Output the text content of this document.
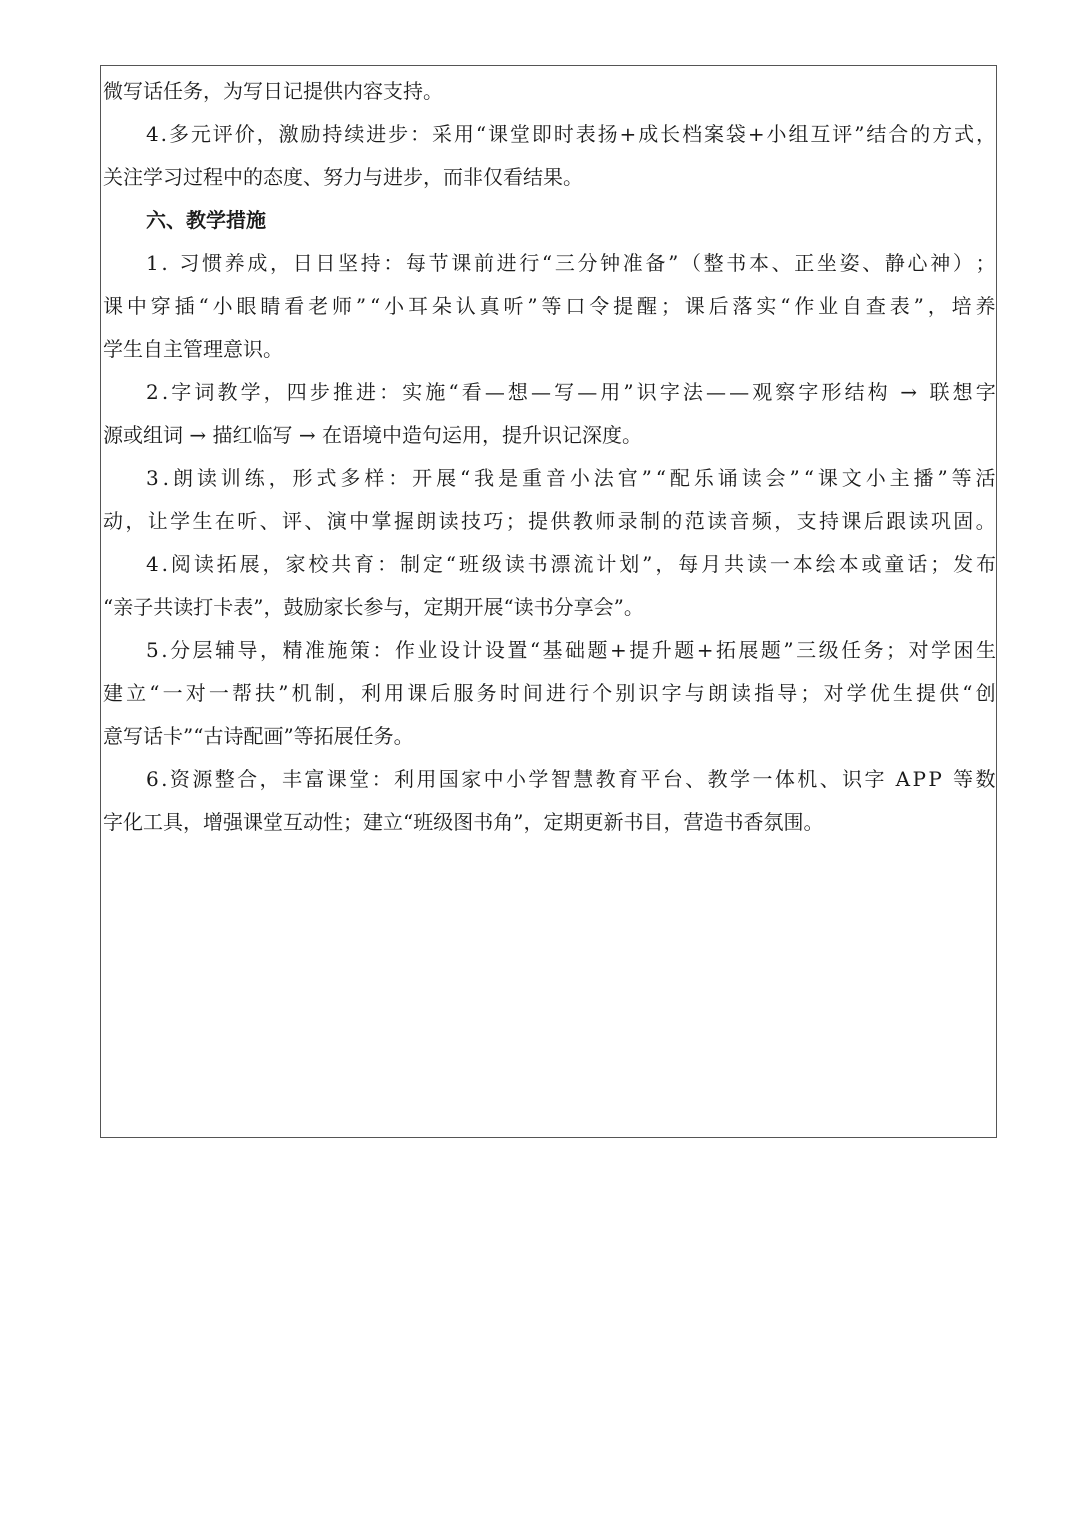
微写话任务，为写日记提供内容支持。
4 . 多 元 评 价 ， 激 励 持 续 进 步 ： 采 用 “ 课 堂 即 时 表 扬 + 成 长 档 案 袋 + 小 组 互 评 ” 结 合 的 方 式 ，
关注学习过程中的态度、努力与进步，而非仅看结果。
六、教学措施
1 .
习 惯 养 成 ， 日 日 坚 持 ： 每 节 课 前 进 行 “ 三 分 钟 准 备 ” （ 整 书 本 、 正 坐 姿 、 静 心 神 ） ；
课 中 穿 插 “ 小 眼 睛 看 老 师 ” “ 小 耳 朵 认 真 听 ” 等 口 令 提 醒 ； 课 后 落 实 “ 作 业 自 查 表 ” ， 培 养
学生自主管理意识。
2 . 字 词 教 学 ， 四 步 推 进 ： 实 施 “ 看 — 想 — 写 — 用 ” 识 字 法 — — 观 察 字 形 结 构
→
联 想 字
源或组词 → 描红临写 → 在语境中造句运用，提升识记深度。
3 . 朗 读 训 练 ， 形 式 多 样 ： 开 展 “ 我 是 重 音 小 法 官 ” “ 配 乐 诵 读 会 ” “ 课 文 小 主 播 ” 等 活
动 ， 让 学 生 在 听 、 评 、 演 中 掌 握 朗 读 技 巧 ； 提 供 教 师 录 制 的 范 读 音 频 ， 支 持 课 后 跟 读 巩 固 。
4 . 阅 读 拓 展 ， 家 校 共 育 ： 制 定 “ 班 级 读 书 漂 流 计 划 ” ， 每 月 共 读 一 本 绘 本 或 童 话 ； 发 布
“亲子共读打卡表”，鼓励家长参与，定期开展“读书分享会”。
5 . 分 层 辅 导 ， 精 准 施 策 ： 作 业 设 计 设 置 “ 基 础 题 + 提 升 题 + 拓 展 题 ” 三 级 任 务 ； 对 学 困 生
建 立 “ 一 对 一 帮 扶 ” 机 制 ， 利 用 课 后 服 务 时 间 进 行 个 别 识 字 与 朗 读 指 导 ； 对 学 优 生 提 供 “ 创
意写话卡”“古诗配画”等拓展任务。
6 . 资 源 整 合 ， 丰 富 课 堂 ： 利 用 国 家 中 小 学 智 慧 教 育 平 台 、 教 学 一 体 机 、 识 字
A P P
等 数
字化工具，增强课堂互动性；建立“班级图书角”，定期更新书目，营造书香氛围。
